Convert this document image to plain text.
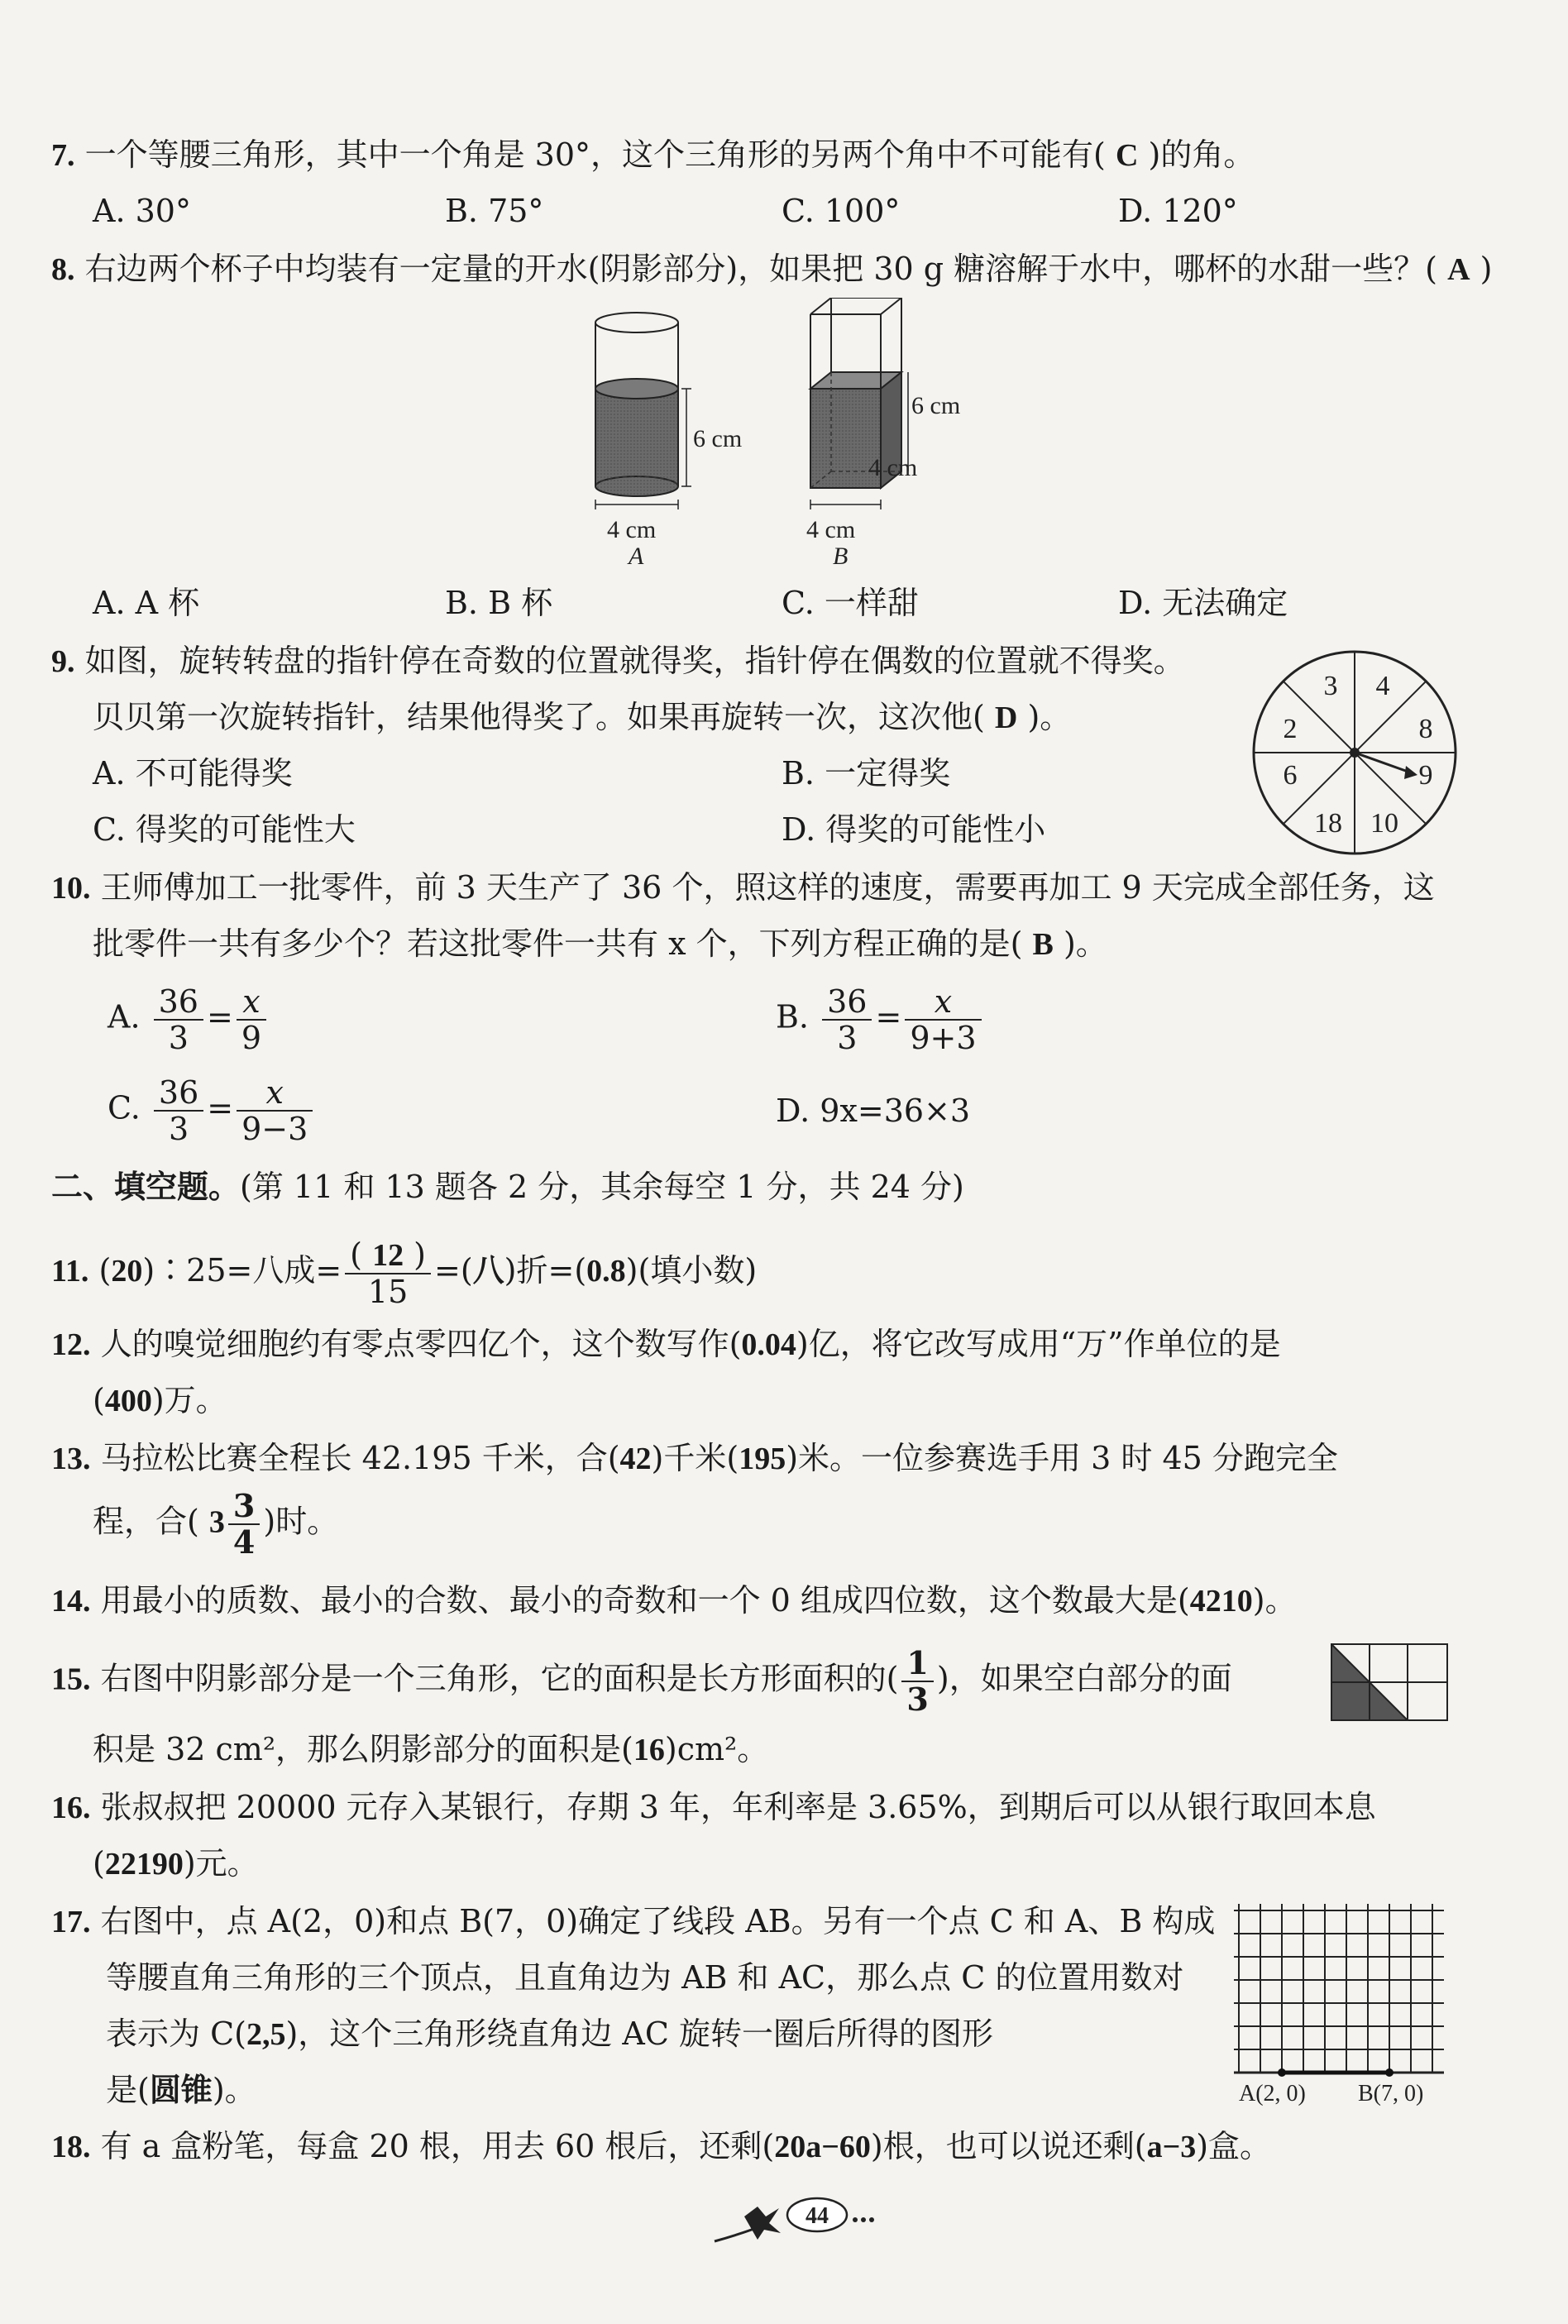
7. 一个等腰三角形，其中一个角是 30°，这个三角形的另两个角中不可能有( C )的角。
A. 30°	B. 75°	C. 100°	D. 120°
8. 右边两个杯子中均装有一定量的开水(阴影部分)，如果把 30 g 糖溶解于水中，哪杯的水甜一些？( A )
6 cm
4 cm
A
6 cm
4 cm
4 cm
B
A. A 杯	B. B 杯	C. 一样甜	D. 无法确定
9. 如图，旋转转盘的指针停在奇数的位置就得奖，指针停在偶数的位置就不得奖。
贝贝第一次旋转指针，结果他得奖了。如果再旋转一次，这次他( D )。
A. 不可能得奖	B. 一定得奖
C. 得奖的可能性大	D. 得奖的可能性小
3 4
8
9
10
18
6
2
10. 王师傅加工一批零件，前 3 天生产了 36 个，照这样的速度，需要再加工 9 天完成全部任务，这
批零件一共有多少个？若这批零件一共有 x 个，下列方程正确的是( B )。
A. $\frac{36}{3} = \frac{x}{9}$	B. $\frac{36}{3} = \frac{x}{9+3}$
C. $\frac{36}{3} = \frac{x}{9-3}$	D. 9x=36×3
二、填空题。(第 11 和 13 题各 2 分，其余每空 1 分，共 24 分)
11. (20)∶25=八成= $\frac{( 12 )}{15}$ =(八)折=(0.8)(填小数)
12. 人的嗅觉细胞约有零点零四亿个，这个数写作(0.04)亿，将它改写成用“万”作单位的是
(400)万。
13. 马拉松比赛全程长 42.195 千米，合(42)千米(195)米。一位参赛选手用 3 时 45 分跑完全
程，合( $3 \frac{3}{4}$ )时。
14. 用最小的质数、最小的合数、最小的奇数和一个 0 组成四位数，这个数最大是(4210)。
15. 右图中阴影部分是一个三角形，它的面积是长方形面积的( $\frac{1}{3}$ )，如果空白部分的面
积是 32 cm²，那么阴影部分的面积是(16)cm²。
16. 张叔叔把 20000 元存入某银行，存期 3 年，年利率是 3.65%，到期后可以从银行取回本息
(22190)元。
17. 右图中，点 A(2，0)和点 B(7，0)确定了线段 AB。另有一个点 C 和 A、B 构成
等腰直角三角形的三个顶点，且直角边为 AB 和 AC，那么点 C 的位置用数对
表示为 C(2,5)，这个三角形绕直角边 AC 旋转一圈后所得的图形
是(圆锥)。	A(2, 0) B(7, 0)
18. 有 a 盒粉笔，每盒 20 根，用去 60 根后，还剩(20a−60)根，也可以说还剩(a−3)盒。
44
